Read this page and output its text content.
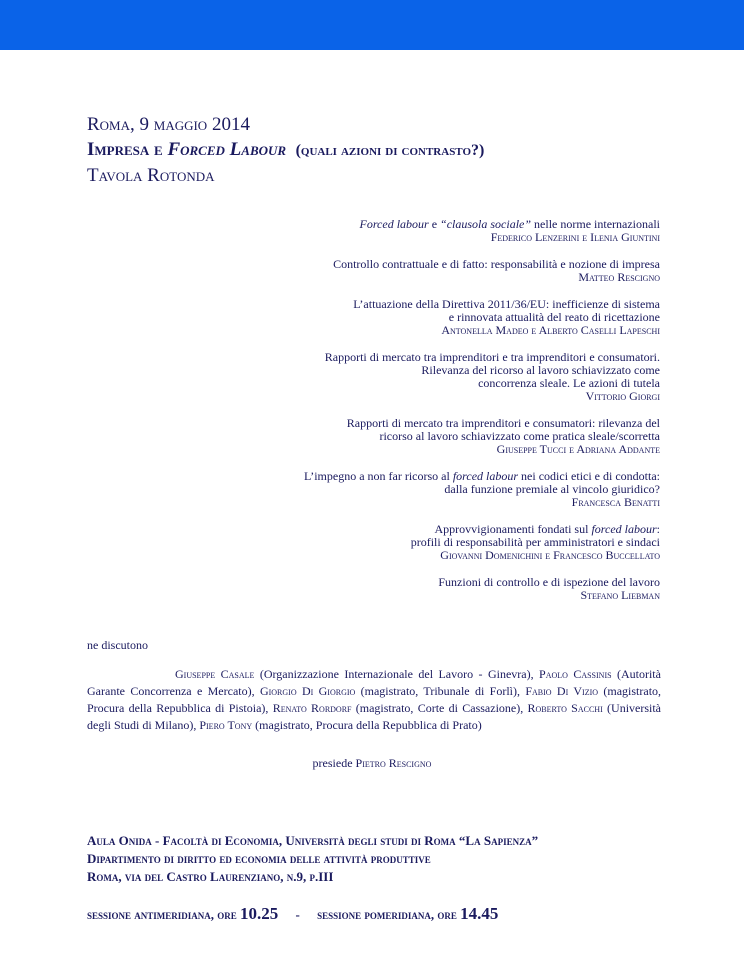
Roma, 9 maggio 2014
Impresa e Forced Labour (quali azioni di contrasto?)
Tavola Rotonda
Forced labour e “clausola sociale” nelle norme internazionali
Federico Lenzerini e Ilenia Giuntini
Controllo contrattuale e di fatto: responsabilità e nozione di impresa
Matteo Rescigno
L’attuazione della Direttiva 2011/36/EU: inefficienze di sistema
e rinnovata attualità del reato di ricettazione
Antonella Madeo e Alberto Caselli Lapeschi
Rapporti di mercato tra imprenditori e tra imprenditori e consumatori.
Rilevanza del ricorso al lavoro schiavizzato come
concorrenza sleale. Le azioni di tutela
Vittorio Giorgi
Rapporti di mercato tra imprenditori e consumatori: rilevanza del
ricorso al lavoro schiavizzato come pratica sleale/scorretta
Giuseppe Tucci e Adriana Addante
L’impegno a non far ricorso al forced labour nei codici etici e di condotta:
dalla funzione premiale al vincolo giuridico?
Francesca Benatti
Approvvigionamenti fondati sul forced labour:
profili di responsabilità per amministratori e sindaci
Giovanni Domenichini e Francesco Buccellato
Funzioni di controllo e di ispezione del lavoro
Stefano Liebman
ne discutono
Giuseppe Casale (Organizzazione Internazionale del Lavoro - Ginevra), Paolo Cassinis (Autorità Garante Concorrenza e Mercato), Giorgio Di Giorgio (magistrato, Tribunale di Forlì), Fabio Di Vizio (magistrato, Procura della Repubblica di Pistoia), Renato Rordorf (magistrato, Corte di Cassazione), Roberto Sacchi (Università degli Studi di Milano), Piero Tony (magistrato, Procura della Repubblica di Prato)
presiede Pietro Rescigno
Aula Onida - Facoltà di Economia, Università degli studi di Roma “La Sapienza”
Dipartimento di diritto ed economia delle attività produttive
Roma, via del Castro Laurenziano, n.9, p.III
sessione antimeridiana, ore 10.25 - sessione pomeridiana, ore 14.45
